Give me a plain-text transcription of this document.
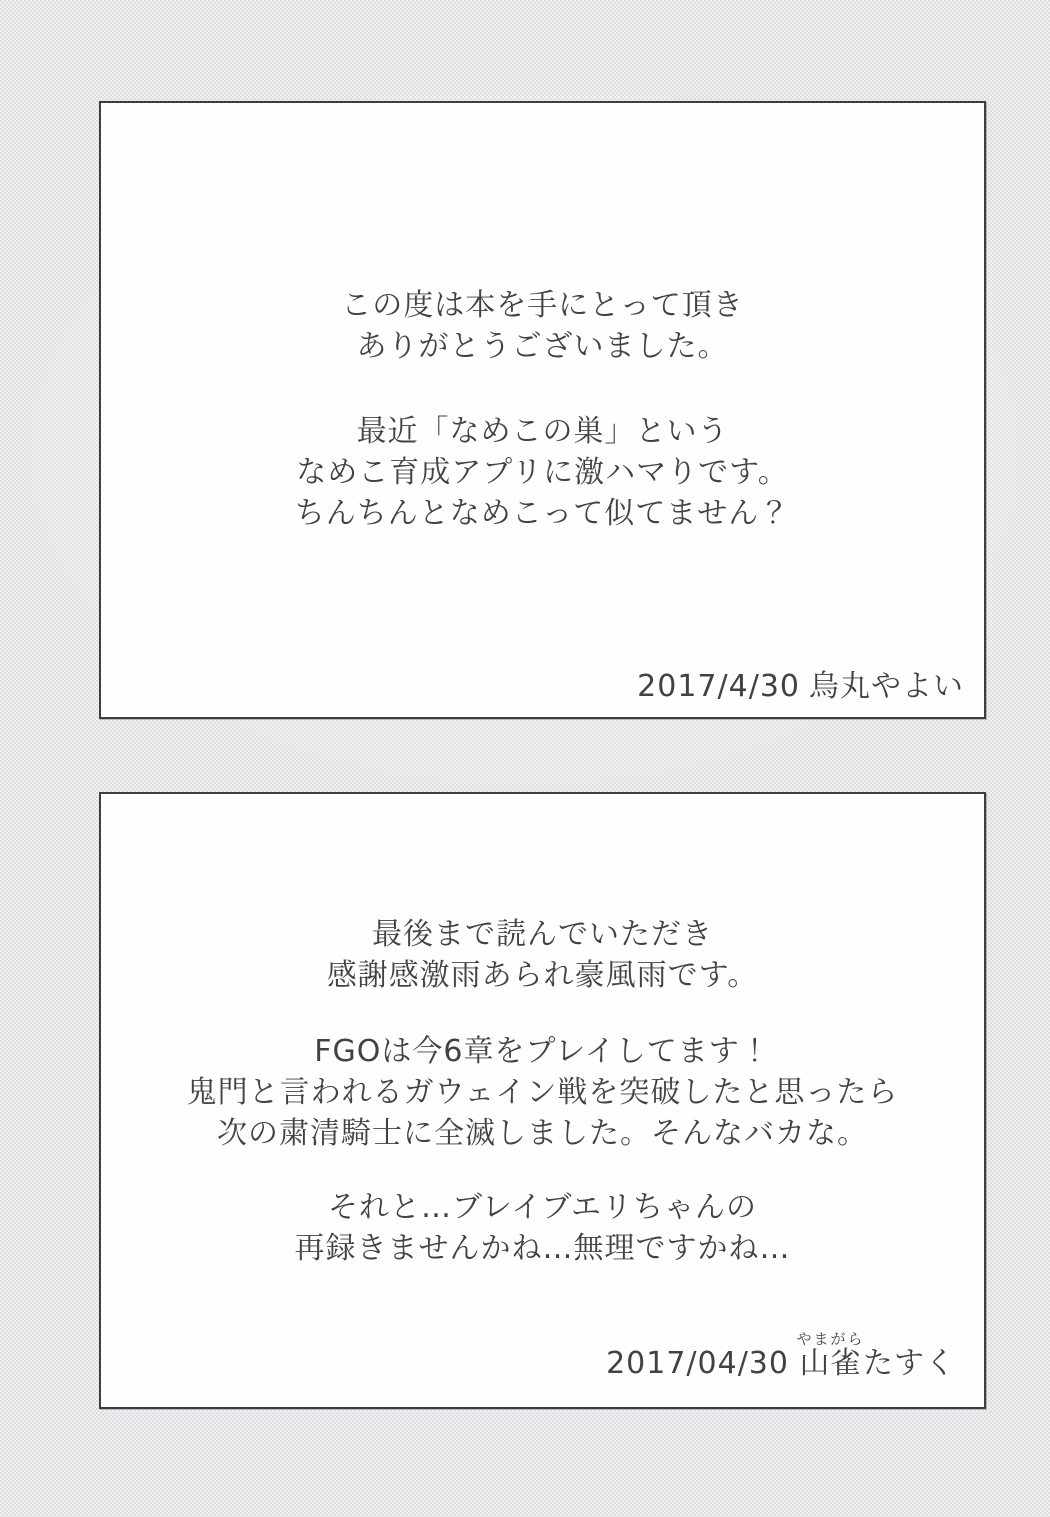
この度は本を手にとって頂き
ありがとうございました。
最近「なめこの巣」という
なめこ育成アプリに激ハマりです。
ちんちんとなめこって似てません？
2017/4/30 烏丸やよい
最後まで読んでいただき
感謝感激雨あられ豪風雨です。
FGOは今6章をプレイしてます！
鬼門と言われるガウェイン戦を突破したと思ったら
次の粛清騎士に全滅しました。そんなバカな。
それと…ブレイブエリちゃんの
再録きませんかね…無理ですかね…
2017/04/30 山雀やまがらたすく
